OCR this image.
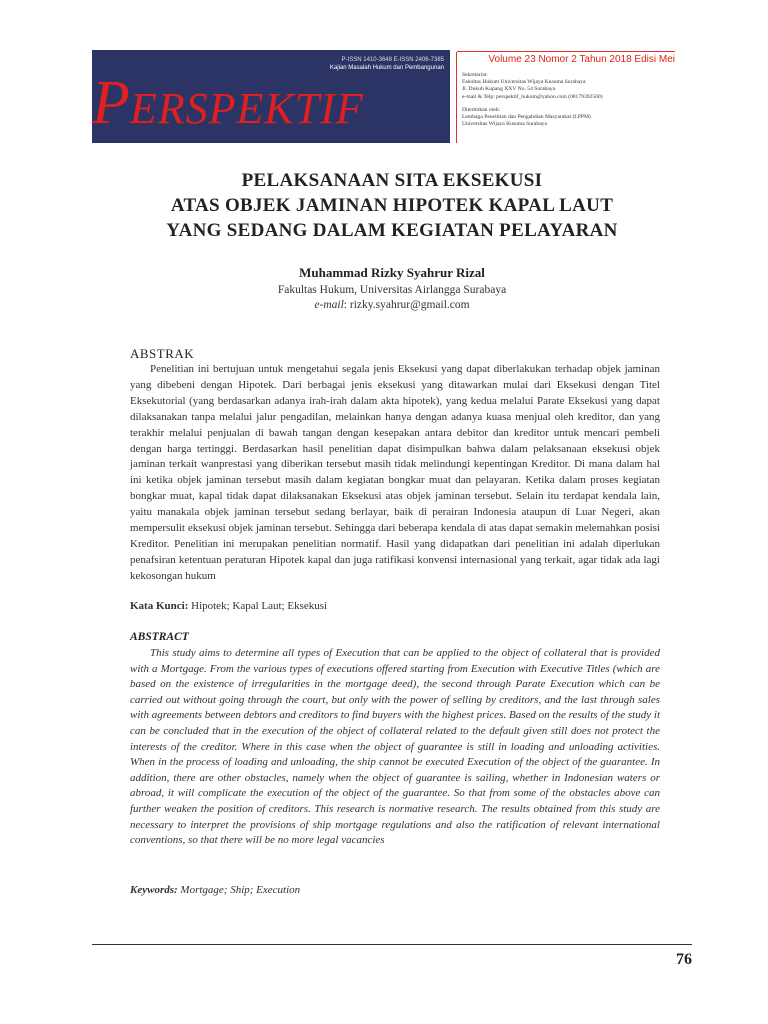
P-ISSN 1410-3648 E-ISSN 2406-7385
Kajian Masalah Hukum dan Pembangunan
PERSPEKTIF
Volume 23 Nomor 2 Tahun 2018 Edisi Mei
Sekretariat:
Fakultas Hukum Universitas Wijaya Kusuma Surabaya
Jl. Dukuh Kupang XXV No. 54 Surabaya
e-mail & Telp: perspektif_hukum@yahoo.com (08179392500)
Diterbitkan oleh:
Lembaga Penelitian dan Pengabdian Masyarakat (LPPM)
Universitas Wijaya Kusuma Surabaya
PELAKSANAAN SITA EKSEKUSI
ATAS OBJEK JAMINAN HIPOTEK KAPAL LAUT
YANG SEDANG DALAM KEGIATAN PELAYARAN
Muhammad Rizky Syahrur Rizal
Fakultas Hukum, Universitas Airlangga Surabaya
e-mail: rizky.syahrur@gmail.com
ABSTRAK
Penelitian ini bertujuan untuk mengetahui segala jenis Eksekusi yang dapat diberlakukan terhadap objek jaminan yang dibebeni dengan Hipotek. Dari berbagai jenis eksekusi yang ditawarkan mulai dari Eksekusi dengan Titel Eksekutorial (yang berdasarkan adanya irah-irah dalam akta hipotek), yang kedua melalui Parate Eksekusi yang dapat dilaksanakan tanpa melalui jalur pengadilan, melainkan hanya dengan adanya kuasa menjual oleh kreditor, dan yang terakhir melalui penjualan di bawah tangan dengan kesepakan antara debitor dan kreditor untuk mencari pembeli dengan harga tertinggi. Berdasarkan hasil penelitian dapat disimpulkan bahwa dalam pelaksanaan eksekusi objek jaminan terkait wanprestasi yang diberikan tersebut masih tidak melindungi kepentingan Kreditor. Di mana dalam hal ini ketika objek jaminan tersebut masih dalam kegiatan bongkar muat dan pelayaran. Ketika dalam proses kegiatan bongkar muat, kapal tidak dapat dilaksanakan Eksekusi atas objek jaminan tersebut. Selain itu terdapat kendala lain, yaitu manakala objek jaminan tersebut sedang berlayar, baik di perairan Indonesia ataupun di Luar Negeri, akan mempersulit eksekusi objek jaminan tersebut. Sehingga dari beberapa kendala di atas dapat semakin melemahkan posisi Kreditor. Penelitian ini merupakan penelitian normatif. Hasil yang didapatkan dari penelitian ini adalah diperlukan penafsiran ketentuan peraturan Hipotek kapal dan juga ratifikasi konvensi internasional yang terkait, agar tidak ada lagi kekosongan hukum
Kata Kunci: Hipotek; Kapal Laut; Eksekusi
ABSTRACT
This study aims to determine all types of Execution that can be applied to the object of collateral that is provided with a Mortgage. From the various types of executions offered starting from Execution with Executive Titles (which are based on the existence of irregularities in the mortgage deed), the second through Parate Execution which can be carried out without going through the court, but only with the power of selling by creditors, and the last through sales with agreements between debtors and creditors to find buyers with the highest prices. Based on the results of the study it can be concluded that in the execution of the object of collateral related to the default given still does not protect the interests of the creditor. Where in this case when the object of guarantee is still in loading and unloading activities. When in the process of loading and unloading, the ship cannot be executed Execution of the object of the guarantee. In addition, there are other obstacles, namely when the object of guarantee is sailing, whether in Indonesian waters or abroad, it will complicate the execution of the object of the guarantee. So that from some of the obstacles above can further weaken the position of creditors. This research is normative research. The results obtained from this study are necessary to interpret the provisions of ship mortgage regulations and also the ratification of relevant international conventions, so that there will be no more legal vacancies
Keywords: Mortgage; Ship; Execution
76
